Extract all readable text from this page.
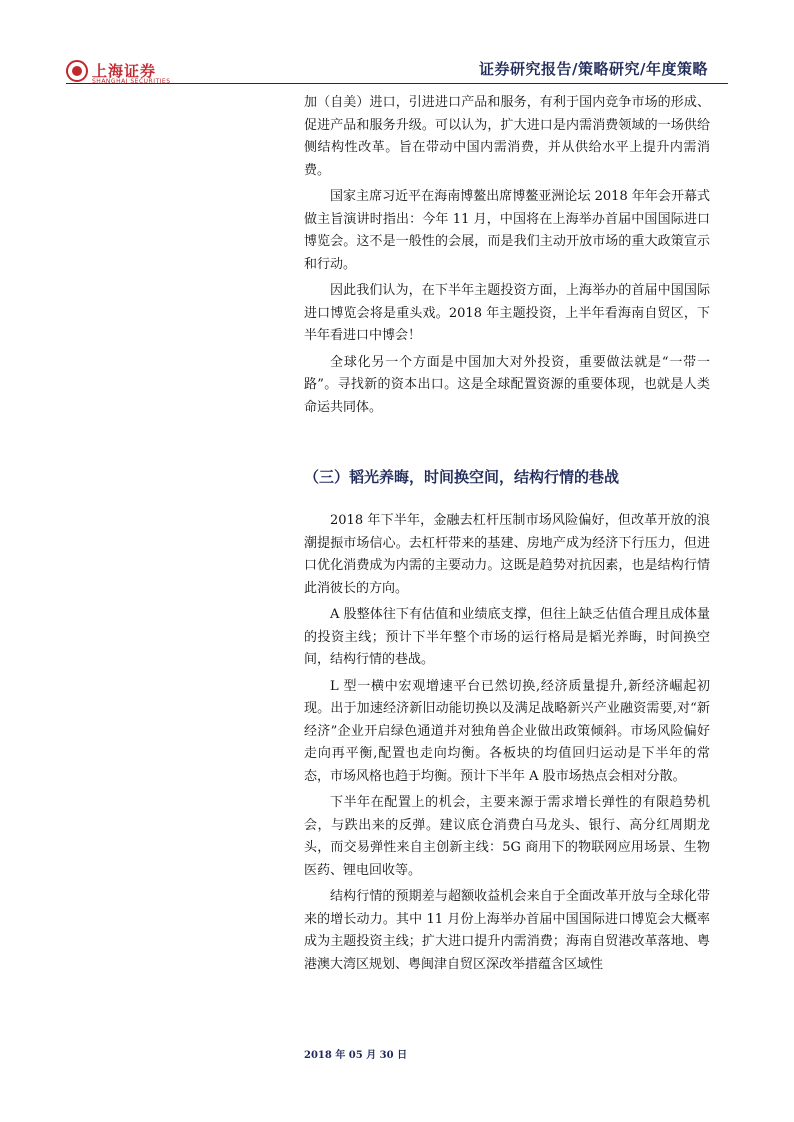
上海证券
SHANGHAI SECURITIES
证券研究报告/策略研究/年度策略

加（自美）进口，引进进口产品和服务，有利于国内竞争市场的形成、促进产品和服务升级。可以认为，扩大进口是内需消费领域的一场供给侧结构性改革。旨在带动中国内需消费，并从供给水平上提升内需消费。

国家主席习近平在海南博鳌出席博鳌亚洲论坛 2018 年年会开幕式做主旨演讲时指出：今年 11 月，中国将在上海举办首届中国国际进口博览会。这不是一般性的会展，而是我们主动开放市场的重大政策宣示和行动。

因此我们认为，在下半年主题投资方面，上海举办的首届中国国际进口博览会将是重头戏。2018 年主题投资，上半年看海南自贸区，下半年看进口中博会！

全球化另一个方面是中国加大对外投资，重要做法就是“一带一路”。寻找新的资本出口。这是全球配置资源的重要体现，也就是人类命运共同体。

（三）韬光养晦，时间换空间，结构行情的巷战

2018 年下半年，金融去杠杆压制市场风险偏好，但改革开放的浪潮提振市场信心。去杠杆带来的基建、房地产成为经济下行压力，但进口优化消费成为内需的主要动力。这既是趋势对抗因素，也是结构行情此消彼长的方向。

A 股整体往下有估值和业绩底支撑，但往上缺乏估值合理且成体量的投资主线；预计下半年整个市场的运行格局是韬光养晦，时间换空间，结构行情的巷战。

L 型一横中宏观增速平台已然切换,经济质量提升,新经济崛起初现。出于加速经济新旧动能切换以及满足战略新兴产业融资需要,对“新经济”企业开启绿色通道并对独角兽企业做出政策倾斜。市场风险偏好走向再平衡,配置也走向均衡。各板块的均值回归运动是下半年的常态，市场风格也趋于均衡。预计下半年 A 股市场热点会相对分散。

下半年在配置上的机会，主要来源于需求增长弹性的有限趋势机会，与跌出来的反弹。建议底仓消费白马龙头、银行、高分红周期龙头，而交易弹性来自主创新主线：5G 商用下的物联网应用场景、生物医药、锂电回收等。

结构行情的预期差与超额收益机会来自于全面改革开放与全球化带来的增长动力。其中 11 月份上海举办首届中国国际进口博览会大概率成为主题投资主线；扩大进口提升内需消费；海南自贸港改革落地、粤港澳大湾区规划、粤闽津自贸区深改举措蕴含区域性

2018 年 05 月 30 日
